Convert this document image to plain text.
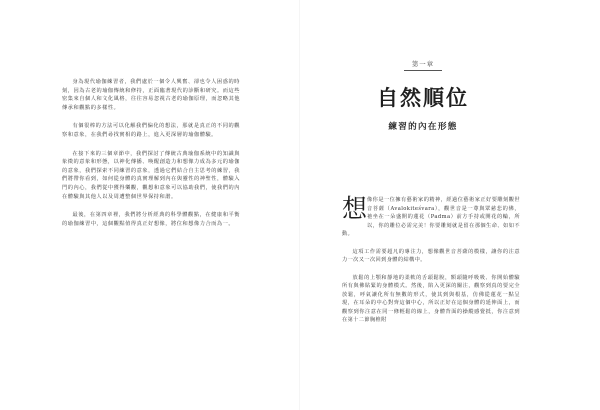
身為現代瑜伽練習者，我們處於一個令人興奮、卻也令人困惑的時刻，因為古老的瑜伽傳統和修持，正面臨著現代的診斷和研究。而這些密集來自個人和文化風格，往往容易忽視古老的瑜伽原理，而忽略其他傳承和觀點的多樣性。

有個很棒的方法可以化解我們偏化的想法，那就是真正的不同的觀察和意象，在我們尋找實相的路上，進入更深層的瑜伽體驗。

在接下來的三個章節中，我們探討了傳統古典瑜伽系統中的知識與象徵的意象和形態，以神化傳播、唤醒創造力和想像力成為多元的瑜伽的意象，我們探索不同練習的意象，透過它們結合自主思考的練習，我們將帶你看到，如何從身體的真實理解到內在與靈性的神聖性，體驗入門的內心，我們從中獲得樂觀，觀想和意象可以協助我們，使我們的內在體驗與其他人以及周遭整個世界保持和諧。

最後，在第四章裡，我們將分析經典的科學體觀點，在健康和平衡的瑜伽練習中，這個觀點值得真正好想像，將位和想像力合而為一。

第一章
自然順位
練習的內在形態
想 像你是一位擁有藝術家的精神，經過位藝術家正好要雕刻觀世音菩薩（Avalokiteśvara），觀世音是一尊與眾慈悲的佛，祂坐在一朵盛開的蓮花（Padma）前方手持或開花的輪，所以，你的雕位必需完美！你要雕刻就是留在那個生命、如如不動。

這項工作需要超凡的專注力，想像觀世音菩薩的模樣，讓你的注意力一次又一次回到身體的結構中。

放鬆的上顎和靜地的柔軟的舌頭鬆脫，額頭隨呼吸吸、你開始體驗所有與佛貼緊的身體模式。然後，陷入更深的關注，觀察到真的要完全放鬆，呼氣讓化所有無數的形式，使其到與根基，仿佛從蓮花一點呈現，在耳朵的中心對齊這個中心，所以正好在這個身體的延伸面上，而觀察到你注意在同一條輕鬆的線上，身體背面的操縱感覺抵，你注意到在第十二節胸椎附
